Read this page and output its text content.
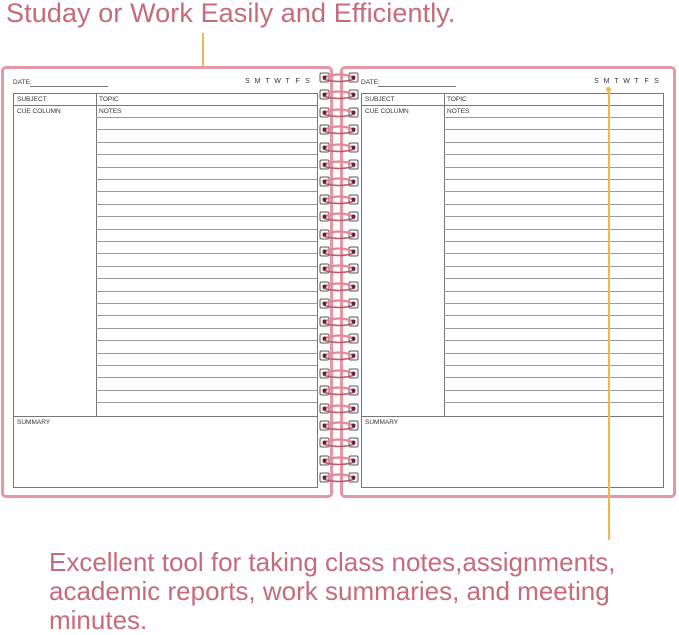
Studay or Work Easily and Efficiently.
DATE:	S M T W T F S
SUBJECT	TOPIC
CUE COLUMN	NOTES
SUMMARY
DATE:	S M T W T F S
SUBJECT	TOPIC
CUE COLUMN	NOTES
SUMMARY
Excellent tool for taking class notes,assignments, academic reports, work summaries, and meeting minutes.
